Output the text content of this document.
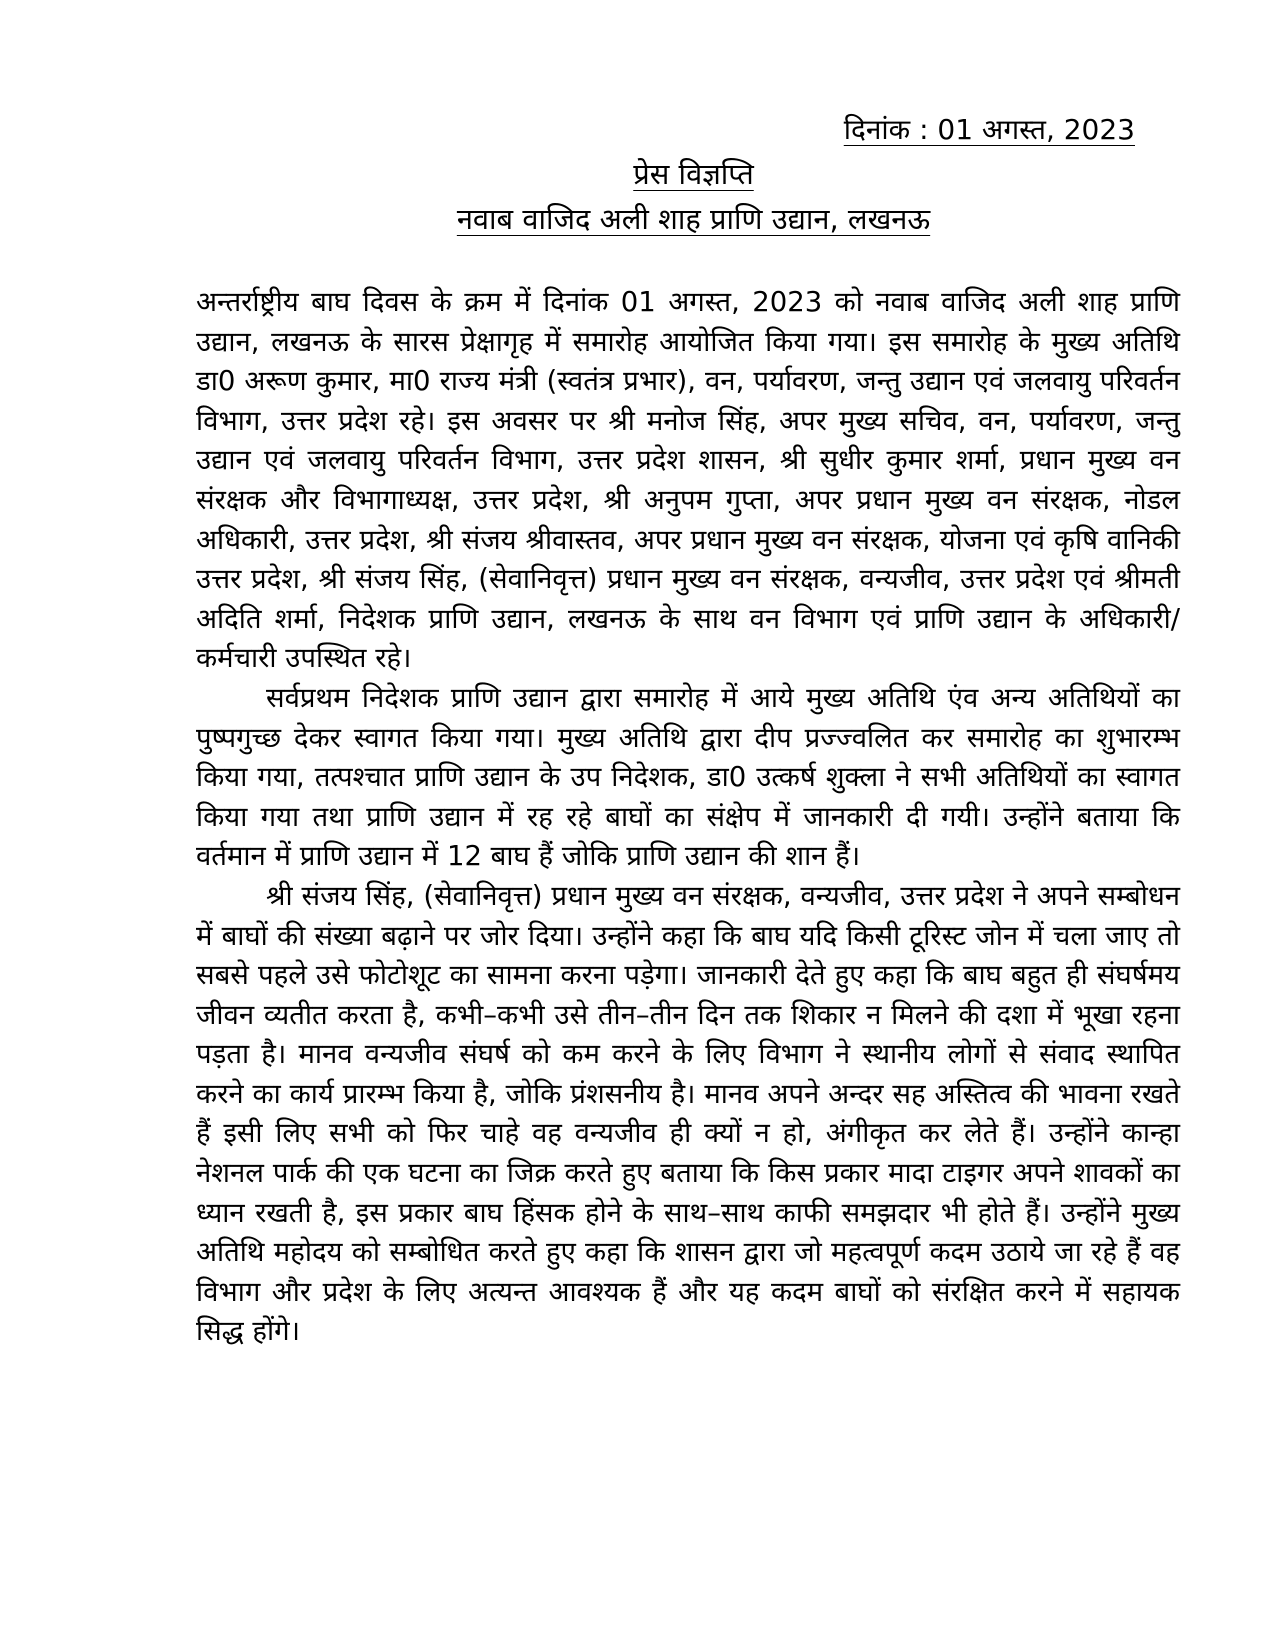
दिनांक : 01 अगस्त, 2023
प्रेस विज्ञप्ति
नवाब वाजिद अली शाह प्राणि उद्यान, लखनऊ

अन्तर्राष्ट्रीय बाघ दिवस के क्रम में दिनांक 01 अगस्त, 2023 को नवाब वाजिद अली शाह प्राणि उद्यान, लखनऊ के सारस प्रेक्षागृह में समारोह आयोजित किया गया। इस समारोह के मुख्य अतिथि डा0 अरूण कुमार, मा0 राज्य मंत्री (स्वतंत्र प्रभार), वन, पर्यावरण, जन्तु उद्यान एवं जलवायु परिवर्तन विभाग, उत्तर प्रदेश रहे। इस अवसर पर श्री मनोज सिंह, अपर मुख्य सचिव, वन, पर्यावरण, जन्तु उद्यान एवं जलवायु परिवर्तन विभाग, उत्तर प्रदेश शासन, श्री सुधीर कुमार शर्मा, प्रधान मुख्य वन संरक्षक और विभागाध्यक्ष, उत्तर प्रदेश, श्री अनुपम गुप्ता, अपर प्रधान मुख्य वन संरक्षक, नोडल अधिकारी, उत्तर प्रदेश, श्री संजय श्रीवास्तव, अपर प्रधान मुख्य वन संरक्षक, योजना एवं कृषि वानिकी उत्तर प्रदेश, श्री संजय सिंह, (सेवानिवृत्त) प्रधान मुख्य वन संरक्षक, वन्यजीव, उत्तर प्रदेश एवं श्रीमती अदिति शर्मा, निदेशक प्राणि उद्यान, लखनऊ के साथ वन विभाग एवं प्राणि उद्यान के अधिकारी/कर्मचारी उपस्थित रहे।

सर्वप्रथम निदेशक प्राणि उद्यान द्वारा समारोह में आये मुख्य अतिथि एंव अन्य अतिथियों का पुष्पगुच्छ देकर स्वागत किया गया। मुख्य अतिथि द्वारा दीप प्रज्ज्वलित कर समारोह का शुभारम्भ किया गया, तत्पश्चात प्राणि उद्यान के उप निदेशक, डा0 उत्कर्ष शुक्ला ने सभी अतिथियों का स्वागत किया गया तथा प्राणि उद्यान में रह रहे बाघों का संक्षेप में जानकारी दी गयी। उन्होंने बताया कि वर्तमान में प्राणि उद्यान में 12 बाघ हैं जोकि प्राणि उद्यान की शान हैं।

श्री संजय सिंह, (सेवानिवृत्त) प्रधान मुख्य वन संरक्षक, वन्यजीव, उत्तर प्रदेश ने अपने सम्बोधन में बाघों की संख्या बढ़ाने पर जोर दिया। उन्होंने कहा कि बाघ यदि किसी टूरिस्ट जोन में चला जाए तो सबसे पहले उसे फोटोशूट का सामना करना पड़ेगा। जानकारी देते हुए कहा कि बाघ बहुत ही संघर्षमय जीवन व्यतीत करता है, कभी–कभी उसे तीन–तीन दिन तक शिकार न मिलने की दशा में भूखा रहना पड़ता है। मानव वन्यजीव संघर्ष को कम करने के लिए विभाग ने स्थानीय लोगों से संवाद स्थापित करने का कार्य प्रारम्भ किया है, जोकि प्रंशसनीय है। मानव अपने अन्दर सह अस्तित्व की भावना रखते हैं इसी लिए सभी को फिर चाहे वह वन्यजीव ही क्यों न हो, अंगीकृत कर लेते हैं। उन्होंने कान्हा नेशनल पार्क की एक घटना का जिक्र करते हुए बताया कि किस प्रकार मादा टाइगर अपने शावकों का ध्यान रखती है, इस प्रकार बाघ हिंसक होने के साथ–साथ काफी समझदार भी होते हैं। उन्होंने मुख्य अतिथि महोदय को सम्बोधित करते हुए कहा कि शासन द्वारा जो महत्वपूर्ण कदम उठाये जा रहे हैं वह विभाग और प्रदेश के लिए अत्यन्त आवश्यक हैं और यह कदम बाघों को संरक्षित करने में सहायक सिद्ध होंगे।
